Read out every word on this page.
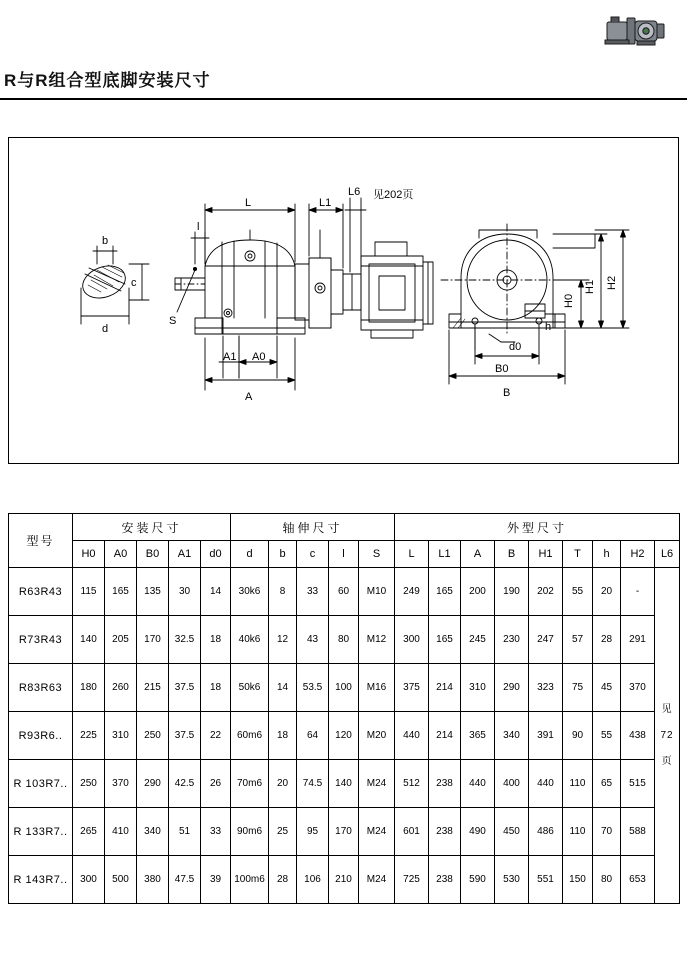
R与R组合型底脚安装尺寸
L	L1
L6 见202页
b
c
d
S
l
A1 A0
A
d0
B0
B
h
H0
H1 H2
型号	安装尺寸					轴伸尺寸					外型尺寸								
	H0	A0	B0	A1	d0	d	b	c	l	S	L	L1	A	B	H1	T	h	H2	L6
R63R43	115	165	135	30	14	30k6	8	33	60	M10	249	165	200	190	202	55	20	-	见
72
页

R73R43	140	205	170	32.5	18	40k6	12	43	80	M12	300	165	245	230	247	57	28	291	
R83R63	180	260	215	37.5	18	50k6	14	53.5	100	M16	375	214	310	290	323	75	45	370	
R93R6..	225	310	250	37.5	22	60m6	18	64	120	M20	440	214	365	340	391	90	55	438	
R 103R7..	250	370	290	42.5	26	70m6	20	74.5	140	M24	512	238	440	400	440	110	65	515	
R 133R7..	265	410	340	51	33	90m6	25	95	170	M24	601	238	490	450	486	110	70	588	
R 143R7..	300	500	380	47.5	39	100m6	28	106	210	M24	725	238	590	530	551	150	80	653	
